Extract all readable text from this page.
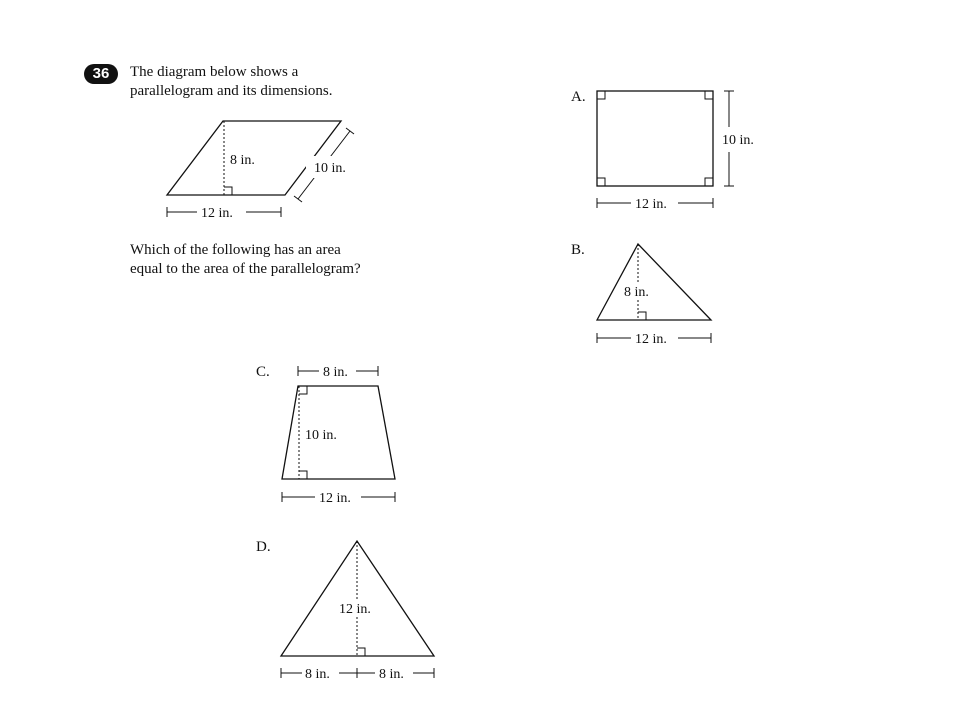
36	The diagram below shows a
parallelogram and its dimensions.
Which of the following has an area
equal to the area of the parallelogram?
8 in.
10 in.
12 in.
A.
10 in.
12 in.
B.
8 in.
12 in.
C.	8 in.
10 in.
12 in.
D.
12 in.
8 in.	8 in.
